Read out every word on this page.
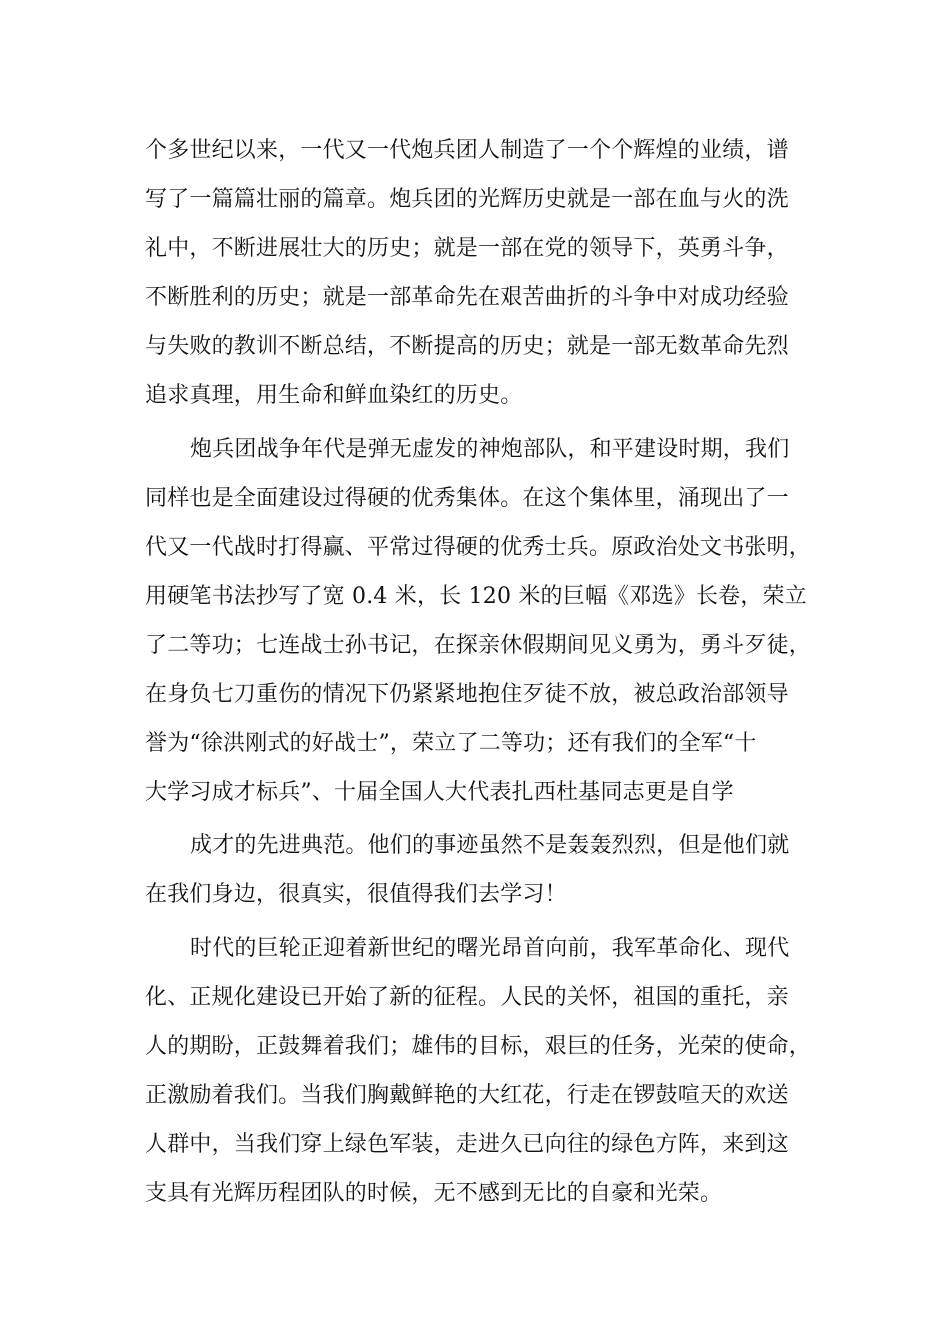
个多世纪以来，一代又一代炮兵团人制造了一个个辉煌的业绩，谱
写了一篇篇壮丽的篇章。炮兵团的光辉历史就是一部在血与火的洗
礼中，不断进展壮大的历史；就是一部在党的领导下，英勇斗争，
不断胜利的历史；就是一部革命先在艰苦曲折的斗争中对成功经验
与失败的教训不断总结，不断提高的历史；就是一部无数革命先烈
追求真理，用生命和鲜血染红的历史。
炮兵团战争年代是弹无虚发的神炮部队，和平建设时期，我们
同样也是全面建设过得硬的优秀集体。在这个集体里，涌现出了一
代又一代战时打得赢、平常过得硬的优秀士兵。原政治处文书张明，
用硬笔书法抄写了宽 0.4 米，长 120 米的巨幅《邓选》长卷，荣立
了二等功；七连战士孙书记，在探亲休假期间见义勇为，勇斗歹徒，
在身负七刀重伤的情况下仍紧紧地抱住歹徒不放，被总政治部领导
誉为“徐洪刚式的好战士”，荣立了二等功；还有我们的全军“十
大学习成才标兵”、十届全国人大代表扎西杜基同志更是自学
成才的先进典范。他们的事迹虽然不是轰轰烈烈，但是他们就
在我们身边，很真实，很值得我们去学习！
时代的巨轮正迎着新世纪的曙光昂首向前，我军革命化、现代
化、正规化建设已开始了新的征程。人民的关怀，祖国的重托，亲
人的期盼，正鼓舞着我们；雄伟的目标，艰巨的任务，光荣的使命，
正激励着我们。当我们胸戴鲜艳的大红花，行走在锣鼓喧天的欢送
人群中，当我们穿上绿色军装，走进久已向往的绿色方阵，来到这
支具有光辉历程团队的时候，无不感到无比的自豪和光荣。
